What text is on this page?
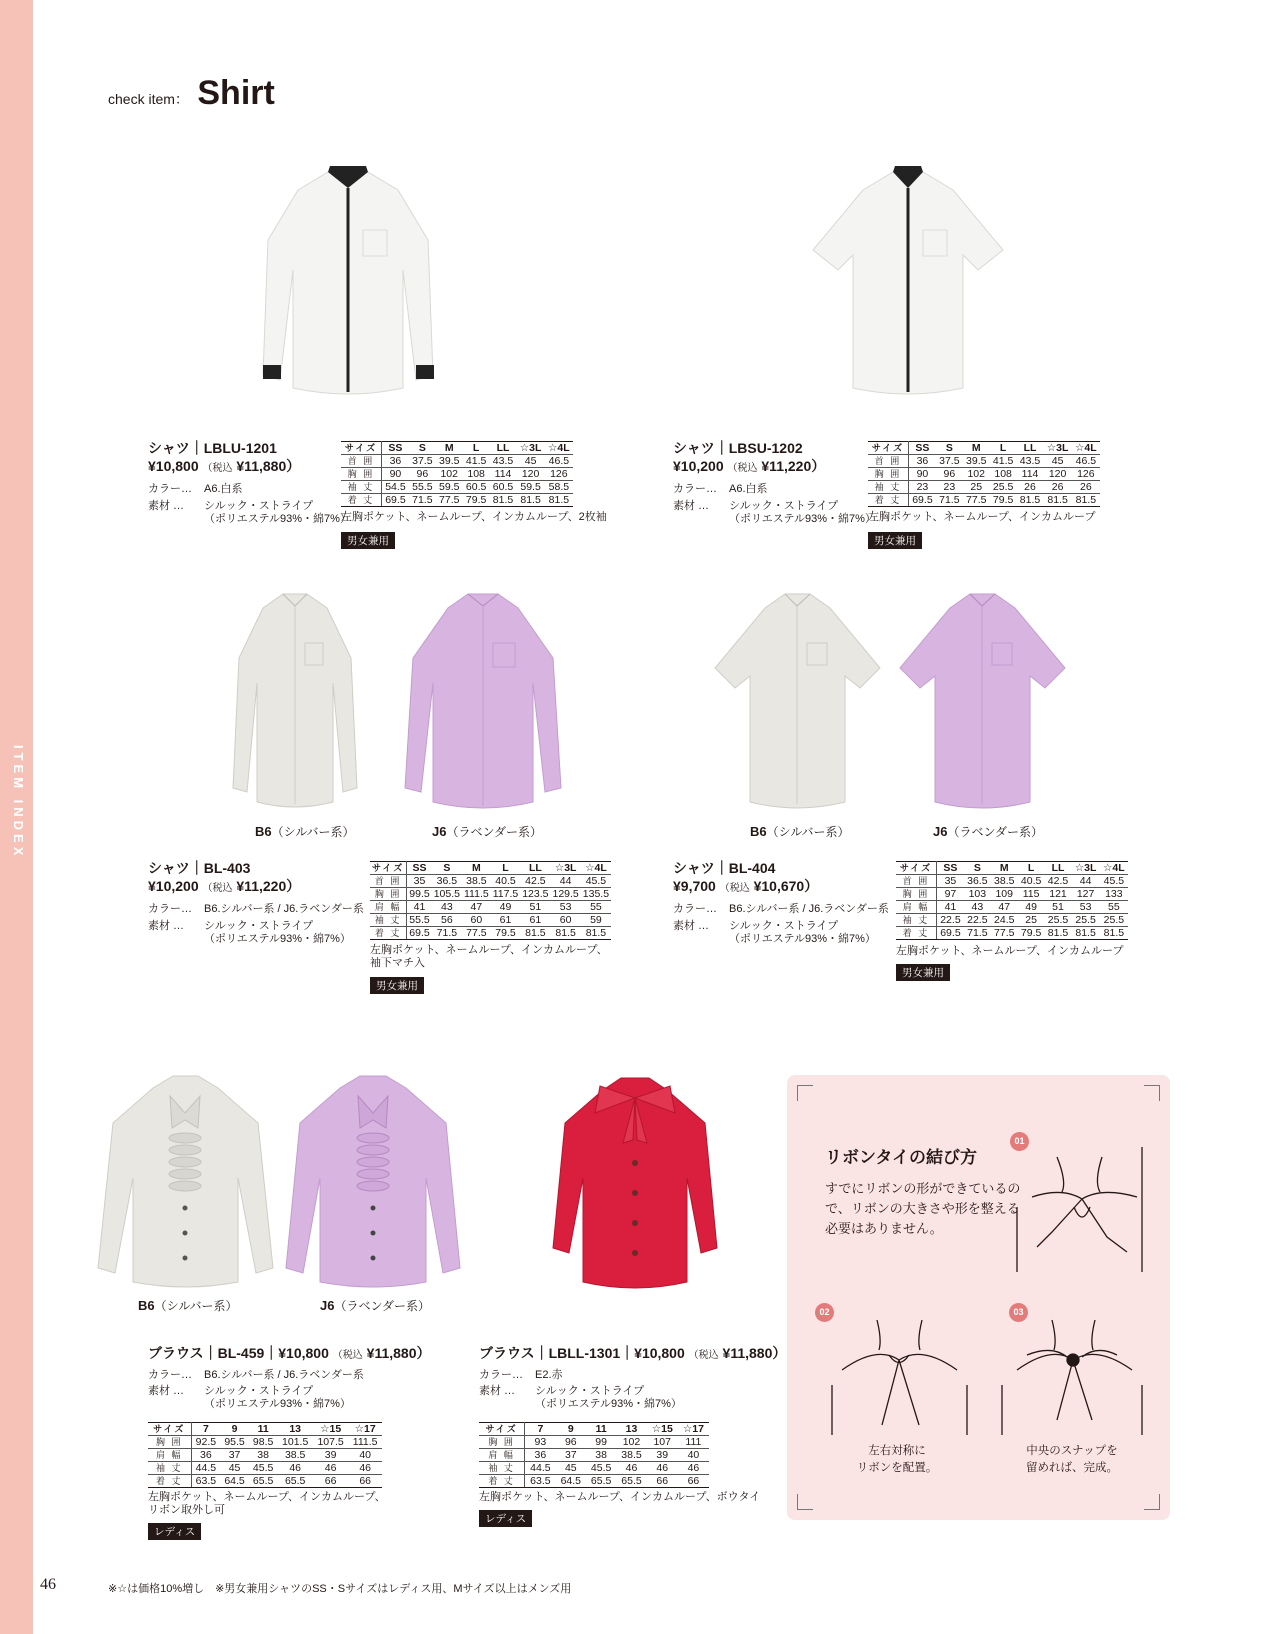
ITEM INDEX
check item： Shirt
シャツ｜LBLU-1201
¥10,800 （税込 ¥11,880）
カラー…	A6.白系
素材 …	シルック・ストライプ
（ポリエステル93%・綿7%）
サイズ	SS	S	M	L	LL	☆3L	☆4L
首 囲	36	37.5	39.5	41.5	43.5	45	46.5
胸 囲	90	96	102	108	114	120	126
袖 丈	54.5	55.5	59.5	60.5	60.5	59.5	58.5
着 丈	69.5	71.5	77.5	79.5	81.5	81.5	81.5
左胸ポケット、ネームループ、インカムループ、2枚袖
男女兼用
シャツ｜LBSU-1202
¥10,200 （税込 ¥11,220）
カラー…	A6.白系
素材 …	シルック・ストライプ
（ポリエステル93%・綿7%）
サイズ	SS	S	M	L	LL	☆3L	☆4L
首 囲	36	37.5	39.5	41.5	43.5	45	46.5
胸 囲	90	96	102	108	114	120	126
袖 丈	23	23	25	25.5	26	26	26
着 丈	69.5	71.5	77.5	79.5	81.5	81.5	81.5
左胸ポケット、ネームループ、インカムループ
男女兼用
B6（シルバー系）	J6（ラベンダー系）	B6（シルバー系）	J6（ラベンダー系）
シャツ｜BL-403
¥10,200 （税込 ¥11,220）
カラー…	B6.シルバー系 / J6.ラベンダー系
素材 …	シルック・ストライプ
（ポリエステル93%・綿7%）
サイズ	SS	S	M	L	LL	☆3L	☆4L
首 囲	35	36.5	38.5	40.5	42.5	44	45.5
胸 囲	99.5	105.5	111.5	117.5	123.5	129.5	135.5
肩 幅	41	43	47	49	51	53	55
袖 丈	55.5	56	60	61	61	60	59
着 丈	69.5	71.5	77.5	79.5	81.5	81.5	81.5
左胸ポケット、ネームループ、インカムループ、
袖下マチ入
男女兼用
シャツ｜BL-404
¥9,700 （税込 ¥10,670）
カラー…	B6.シルバー系 / J6.ラベンダー系
素材 …	シルック・ストライプ
（ポリエステル93%・綿7%）
サイズ	SS	S	M	L	LL	☆3L	☆4L
首 囲	35	36.5	38.5	40.5	42.5	44	45.5
胸 囲	97	103	109	115	121	127	133
肩 幅	41	43	47	49	51	53	55
袖 丈	22.5	22.5	24.5	25	25.5	25.5	25.5
着 丈	69.5	71.5	77.5	79.5	81.5	81.5	81.5
左胸ポケット、ネームループ、インカムループ
男女兼用
B6（シルバー系）	J6（ラベンダー系）
ブラウス｜BL-459｜¥10,800 （税込 ¥11,880）
カラー…	B6.シルバー系 / J6.ラベンダー系
素材 …	シルック・ストライプ
（ポリエステル93%・綿7%）
サイズ	7	9	11	13	☆15	☆17
胸 囲	92.5	95.5	98.5	101.5	107.5	111.5
肩 幅	36	37	38	38.5	39	40
袖 丈	44.5	45	45.5	46	46	46
着 丈	63.5	64.5	65.5	65.5	66	66
左胸ポケット、ネームループ、インカムループ、
リボン取外し可
レディス
ブラウス｜LBLL-1301｜¥10,800 （税込 ¥11,880）
カラー…	E2.赤
素材 …	シルック・ストライプ
（ポリエステル93%・綿7%）
サイズ	7	9	11	13	☆15	☆17
胸 囲	93	96	99	102	107	111
肩 幅	36	37	38	38.5	39	40
袖 丈	44.5	45	45.5	46	46	46
着 丈	63.5	64.5	65.5	65.5	66	66
左胸ポケット、ネームループ、インカムループ、ボウタイ
レディス
リボンタイの結び方
すでにリボンの形ができているので、リボンの大きさや形を整える必要はありません。
01
02
左右対称に
リボンを配置。
03
中央のスナップを
留めれば、完成。
46	※☆は価格10%増し　※男女兼用シャツのSS・Sサイズはレディス用、Mサイズ以上はメンズ用
